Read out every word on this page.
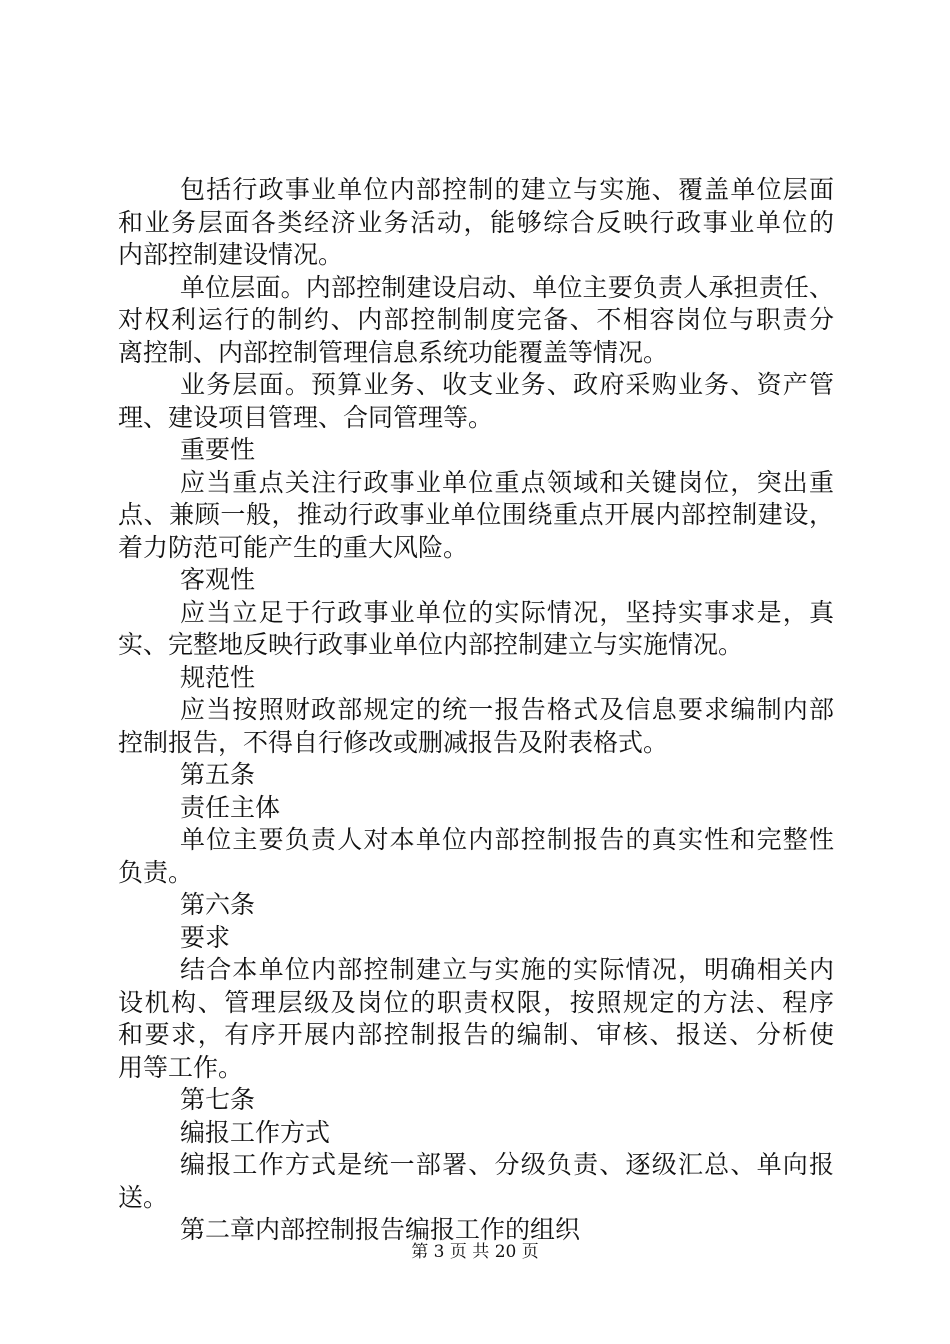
包括行政事业单位内部控制的建立与实施、覆盖单位层面
和业务层面各类经济业务活动，能够综合反映行政事业单位的
内部控制建设情况。
单位层面。内部控制建设启动、单位主要负责人承担责任、
对权利运行的制约、内部控制制度完备、不相容岗位与职责分
离控制、内部控制管理信息系统功能覆盖等情况。
业务层面。预算业务、收支业务、政府采购业务、资产管
理、建设项目管理、合同管理等。
重要性
应当重点关注行政事业单位重点领域和关键岗位，突出重
点、兼顾一般，推动行政事业单位围绕重点开展内部控制建设，
着力防范可能产生的重大风险。
客观性
应当立足于行政事业单位的实际情况，坚持实事求是，真
实、完整地反映行政事业单位内部控制建立与实施情况。
规范性
应当按照财政部规定的统一报告格式及信息要求编制内部
控制报告，不得自行修改或删减报告及附表格式。
第五条
责任主体
单位主要负责人对本单位内部控制报告的真实性和完整性
负责。
第六条
要求
结合本单位内部控制建立与实施的实际情况，明确相关内
设机构、管理层级及岗位的职责权限，按照规定的方法、程序
和要求，有序开展内部控制报告的编制、审核、报送、分析使
用等工作。
第七条
编报工作方式
编报工作方式是统一部署、分级负责、逐级汇总、单向报
送。
第二章内部控制报告编报工作的组织
第 3 页 共 20 页
